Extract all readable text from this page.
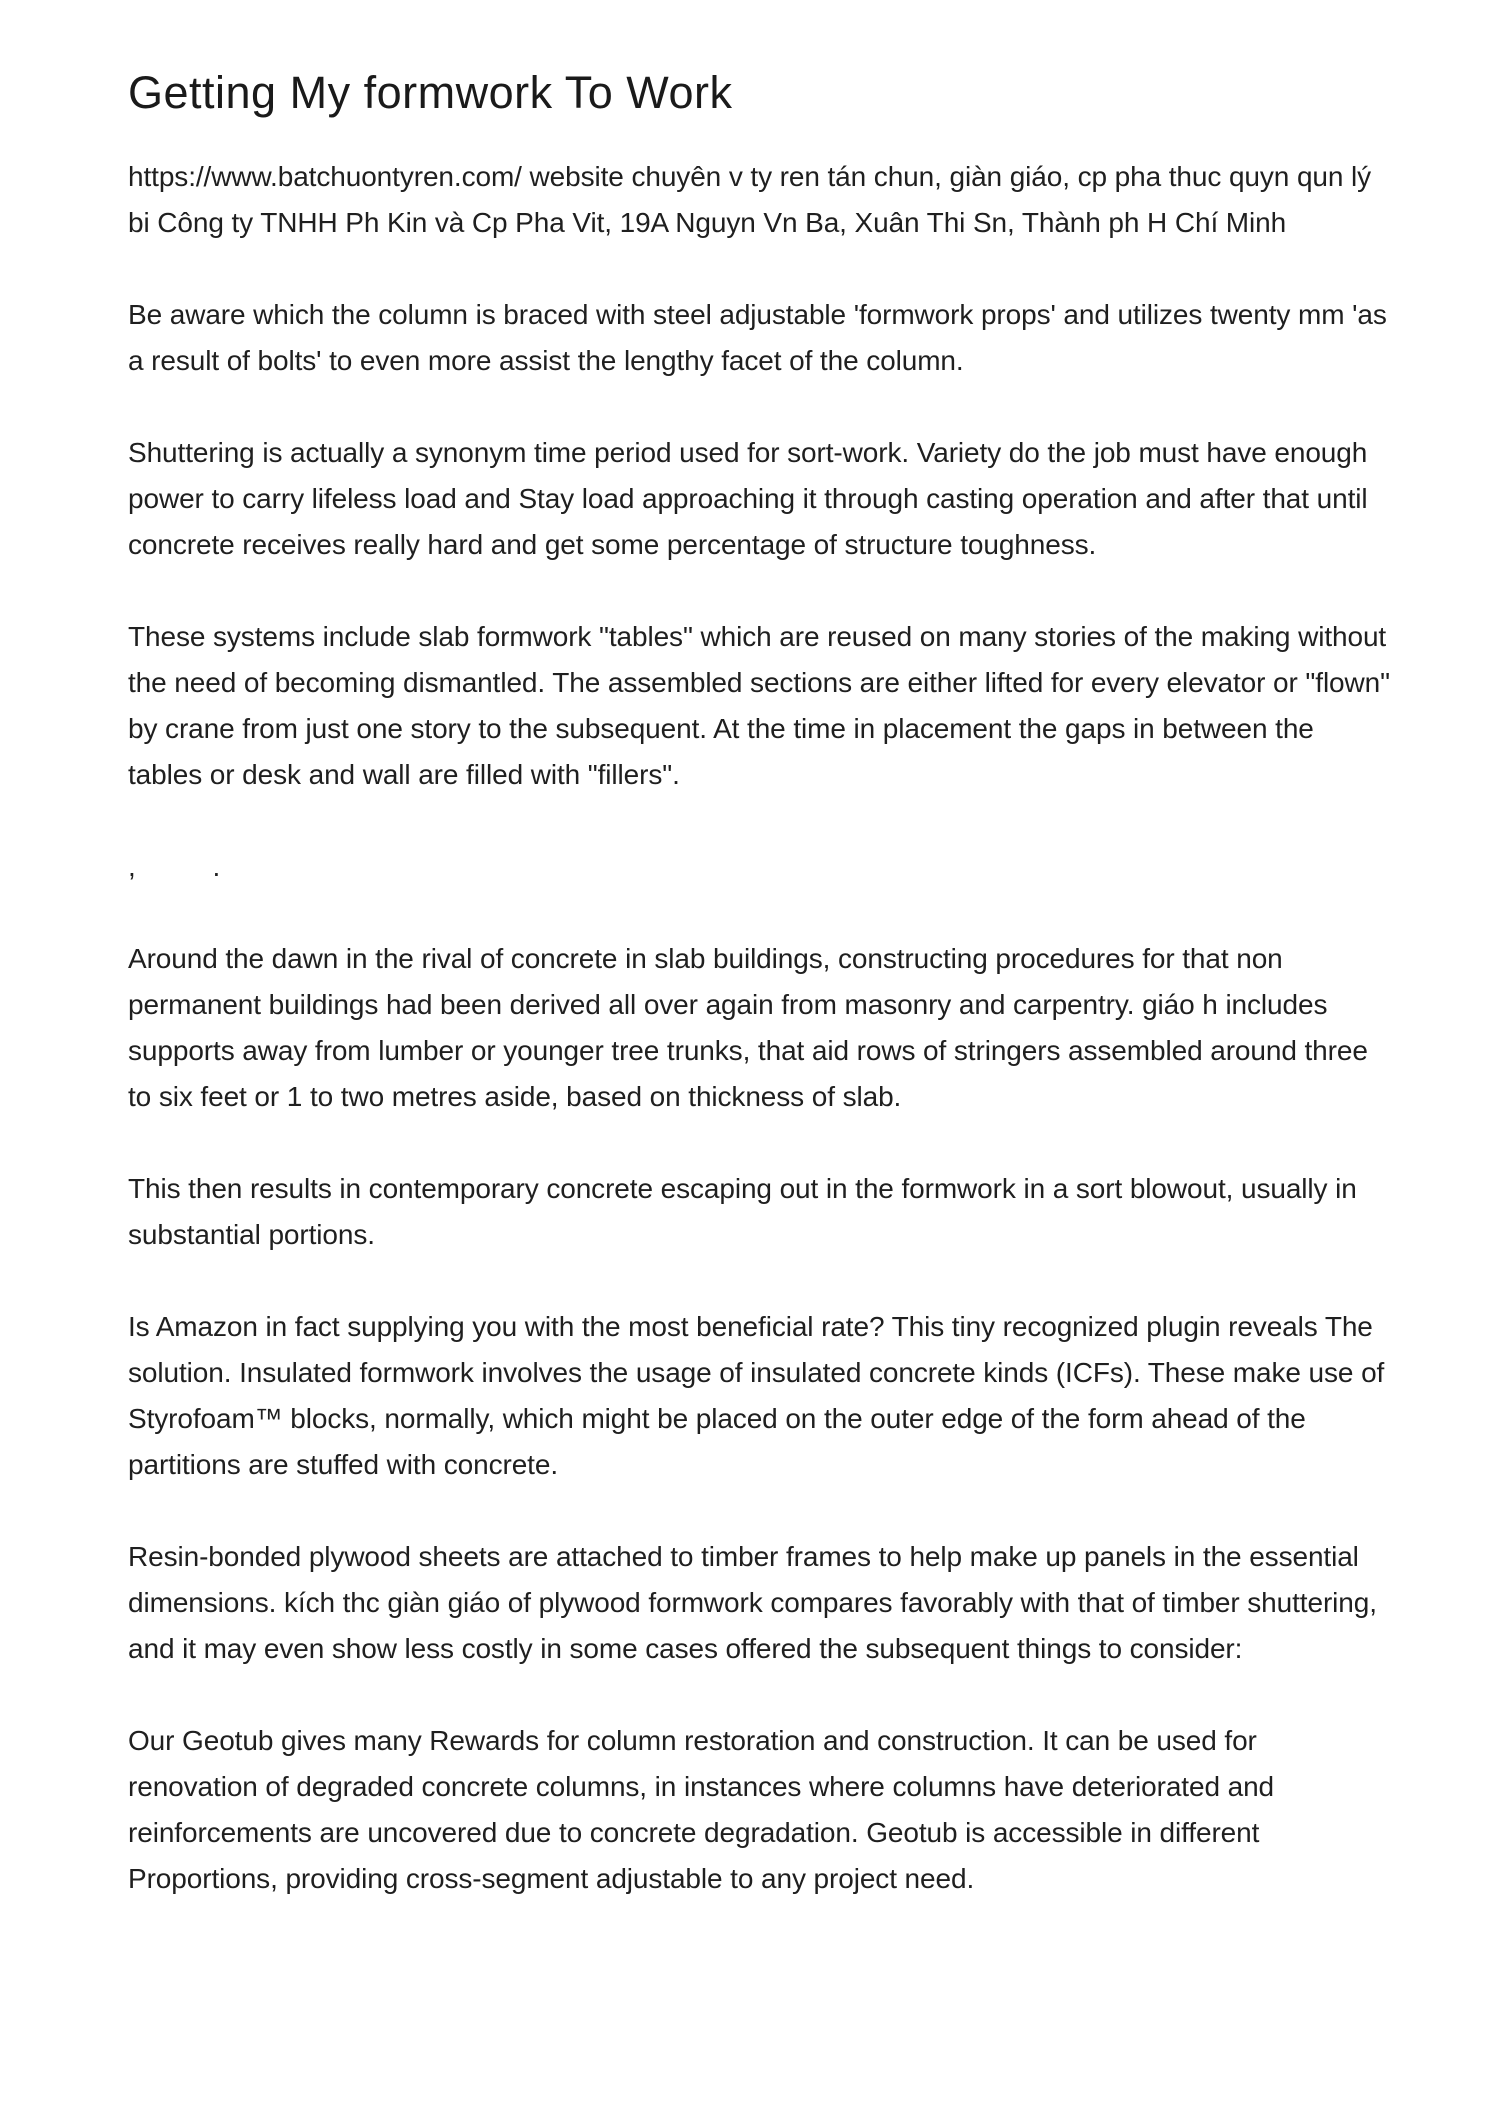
Getting My formwork To Work

https://www.batchuontyren.com/ website chuyên v ty ren tán chun, giàn giáo, cp pha thuc quyn qun lý bi Công ty TNHH Ph Kin và Cp Pha Vit, 19A Nguyn Vn Ba, Xuân Thi Sn, Thành ph H Chí Minh

Be aware which the column is braced with steel adjustable 'formwork props' and utilizes twenty mm 'as a result of bolts' to even more assist the lengthy facet of the column.

Shuttering is actually a synonym time period used for sort-work. Variety do the job must have enough power to carry lifeless load and Stay load approaching it through casting operation and after that until concrete receives really hard and get some percentage of structure toughness.

These systems include slab formwork "tables" which are reused on many stories of the making without the need of becoming dismantled. The assembled sections are either lifted for every elevator or "flown" by crane from just one story to the subsequent. At the time in placement the gaps in between the tables or desk and wall are filled with "fillers".

,          .

Around the dawn in the rival of concrete in slab buildings, constructing procedures for that non permanent buildings had been derived all over again from masonry and carpentry. giáo h includes supports away from lumber or younger tree trunks, that aid rows of stringers assembled around three to six feet or 1 to two metres aside, based on thickness of slab.

This then results in contemporary concrete escaping out in the formwork in a sort blowout, usually in substantial portions.

Is Amazon in fact supplying you with the most beneficial rate? This tiny recognized plugin reveals The solution. Insulated formwork involves the usage of insulated concrete kinds (ICFs). These make use of Styrofoam™ blocks, normally, which might be placed on the outer edge of the form ahead of the partitions are stuffed with concrete.

Resin-bonded plywood sheets are attached to timber frames to help make up panels in the essential dimensions. kích thc giàn giáo of plywood formwork compares favorably with that of timber shuttering, and it may even show less costly in some cases offered the subsequent things to consider:

Our Geotub gives many Rewards for column restoration and construction. It can be used for renovation of degraded concrete columns, in instances where columns have deteriorated and reinforcements are uncovered due to concrete degradation. Geotub is accessible in different Proportions, providing cross-segment adjustable to any project need.
